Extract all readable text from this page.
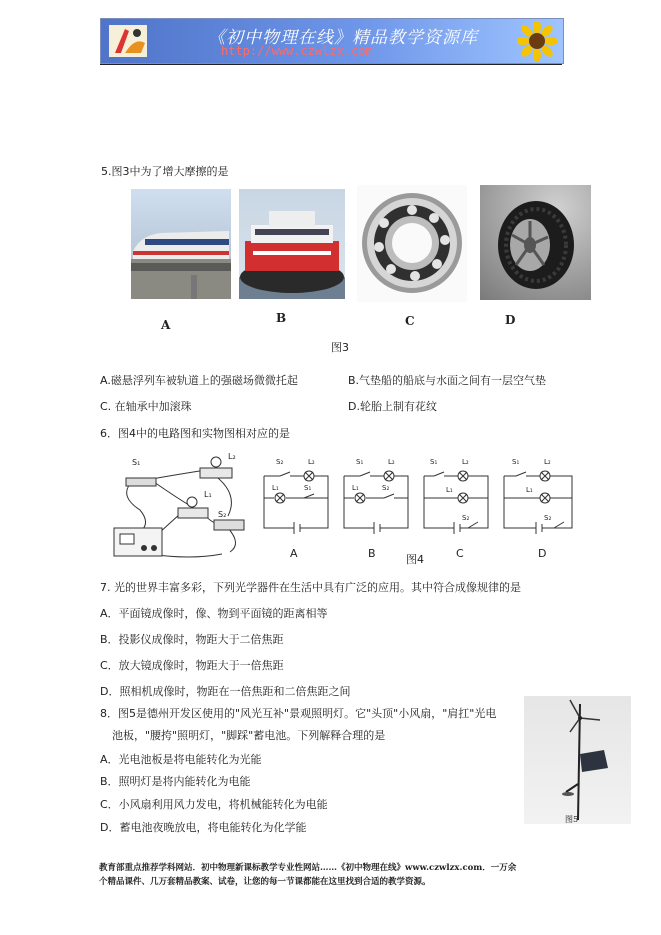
《初中物理在线》精品教学资源库
http://www.czwlzx.com
5.图3中为了增大摩擦的是
A	B	C	D
图3
A.磁悬浮列车被轨道上的强磁场微微托起	B.气垫船的船底与水面之间有一层空气垫
C. 在轴承中加滚珠	D.轮胎上制有花纹
6．图4中的电路图和实物图相对应的是
S₁
L₂
L₁
S₂
S₂	L₂
L₁	S₁
S₁	L₂
L₁	S₂
S₁	L₂
L₁
S₂
S₁	L₂
L₁
S₂
A	B	图4	C	D
7. 光的世界丰富多彩，下列光学器件在生活中具有广泛的应用。其中符合成像规律的是
A．平面镜成像时，像、物到平面镜的距离相等
B．投影仪成像时，物距大于二倍焦距
C．放大镜成像时，物距大于一倍焦距
D．照相机成像时，物距在一倍焦距和二倍焦距之间
8．图5是德州开发区使用的"风光互补"景观照明灯。它"头顶"小风扇，"肩扛"光电
池板，"腰挎"照明灯，"脚踩"蓄电池。下列解释合理的是
A．光电池板是将电能转化为光能
B．照明灯是将内能转化为电能
C．小风扇利用风力发电，将机械能转化为电能
D．蓄电池夜晚放电，将电能转化为化学能
图5
教育部重点推荐学科网站．初中物理新课标教学专业性网站……《初中物理在线》www.czwlzx.com．一万余
个精品课件、几万套精品教案、试卷，让您的每一节课都能在这里找到合适的教学资源。
